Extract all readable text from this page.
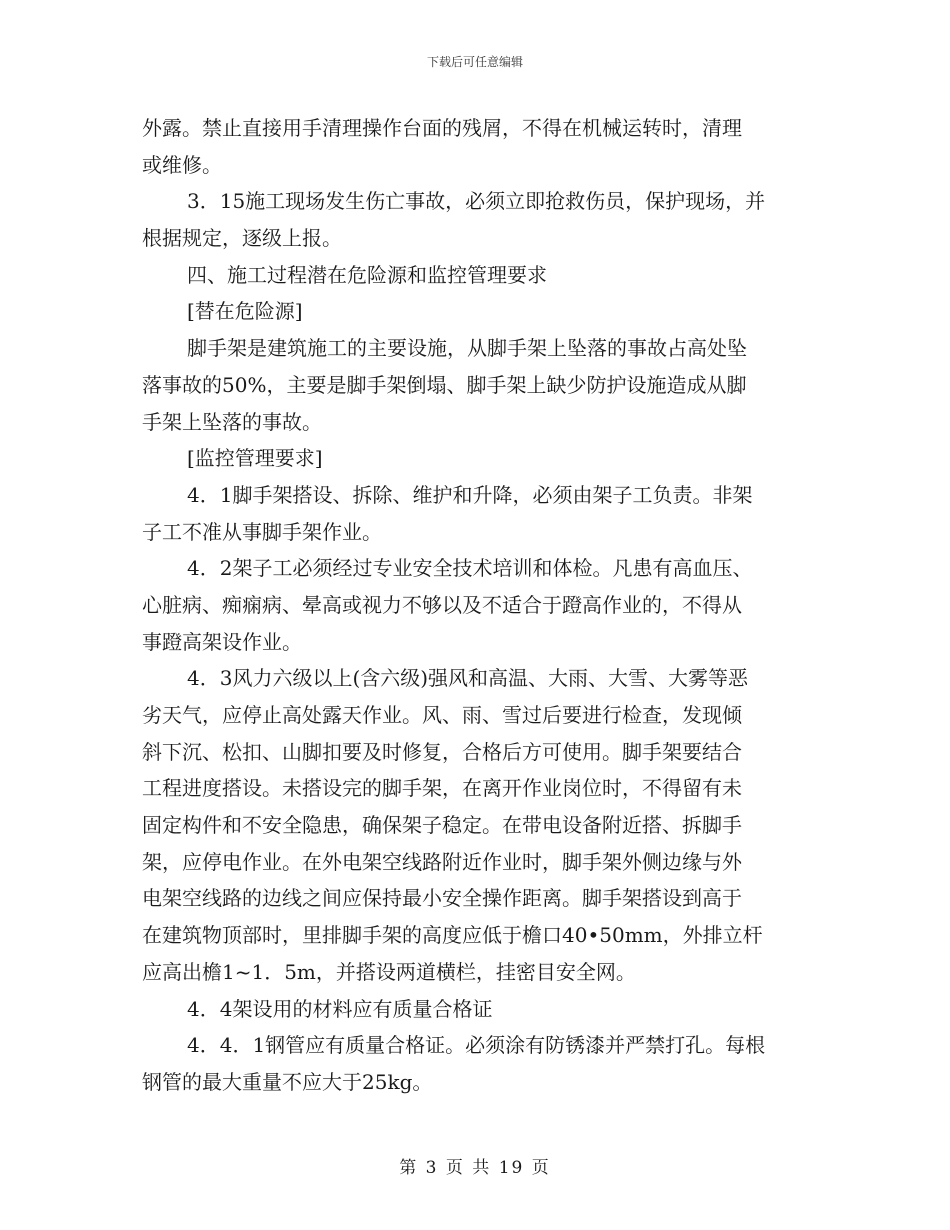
下载后可任意编辑
外露。禁止直接用手清理操作台面的残屑，不得在机械运转时，清理
或维修。
3．15施工现场发生伤亡事故，必须立即抢救伤员，保护现场，并
根据规定，逐级上报。
四、施工过程潜在危险源和监控管理要求
[替在危险源]
脚手架是建筑施工的主要设施，从脚手架上坠落的事故占高处坠
落事故的50%，主要是脚手架倒塌、脚手架上缺少防护设施造成从脚
手架上坠落的事故。
[监控管理要求]
4．1脚手架搭设、拆除、维护和升降，必须由架子工负责。非架
子工不准从事脚手架作业。
4．2架子工必须经过专业安全技术培训和体检。凡患有高血压、
心脏病、痴痫病、晕高或视力不够以及不适合于蹬高作业的，不得从
事蹬高架设作业。
4．3风力六级以上(含六级)强风和高温、大雨、大雪、大雾等恶
劣天气，应停止高处露天作业。风、雨、雪过后要进行检查，发现倾
斜下沉、松扣、山脚扣要及时修复，合格后方可使用。脚手架要结合
工程进度搭设。未搭设完的脚手架，在离开作业岗位时，不得留有未
固定构件和不安全隐患，确保架子稳定。在带电设备附近搭、拆脚手
架，应停电作业。在外电架空线路附近作业时，脚手架外侧边缘与外
电架空线路的边线之间应保持最小安全操作距离。脚手架搭设到高于
在建筑物顶部时，里排脚手架的高度应低于檐口40•50mm，外排立杆
应高出檐1~1．5m，并搭设两道横栏，挂密目安全网。
4．4架设用的材料应有质量合格证
4．4．1钢管应有质量合格证。必须涂有防锈漆并严禁打孔。每根
钢管的最大重量不应大于25kg。
第 3 页 共 19 页
